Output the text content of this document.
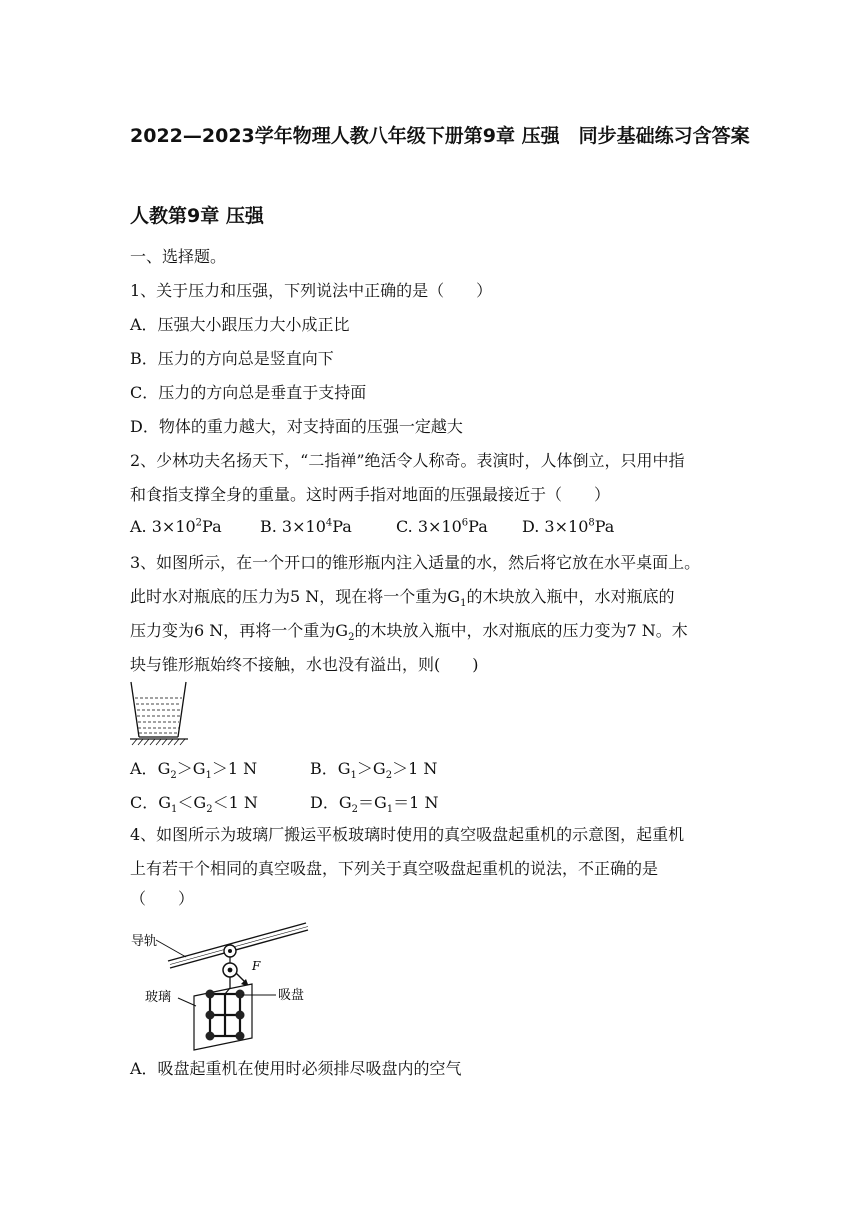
2022—2023学年物理人教八年级下册第9章 压强　同步基础练习含答案
人教第9章 压强
一、选择题。
1、关于压力和压强，下列说法中正确的是（　　）
A．压强大小跟压力大小成正比
B．压力的方向总是竖直向下
C．压力的方向总是垂直于支持面
D．物体的重力越大，对支持面的压强一定越大
2、少林功夫名扬天下，“二指禅”绝活令人称奇。表演时，人体倒立，只用中指
和食指支撑全身的重量。这时两手指对地面的压强最接近于（　　）
A. $3\times 10^2Pa$ B. $3\times 10^4Pa$	C. $3\times 10^6Pa$ D. $3\times 10^8Pa$
3、如图所示，在一个开口的锥形瓶内注入适量的水，然后将它放在水平桌面上。
此时水对瓶底的压力为5 N，现在将一个重为$G_1$的木块放入瓶中，水对瓶底的
压力变为6 N，再将一个重为$G_2$的木块放入瓶中，水对瓶底的压力变为7 N。木
块与锥形瓶始终不接触，水也没有溢出，则(　　)
A．$G_2>G_1>1$ N	B．$G_1>G_2>1$ N
C．$G_1<G_2<1$ N	D．$G_2=G_1=1$ N
4、如图所示为玻璃厂搬运平板玻璃时使用的真空吸盘起重机的示意图，起重机
上有若干个相同的真空吸盘，下列关于真空吸盘起重机的说法，不正确的是
（　　）
导轨
F
玻璃	吸盘
A．吸盘起重机在使用时必须排尽吸盘内的空气
